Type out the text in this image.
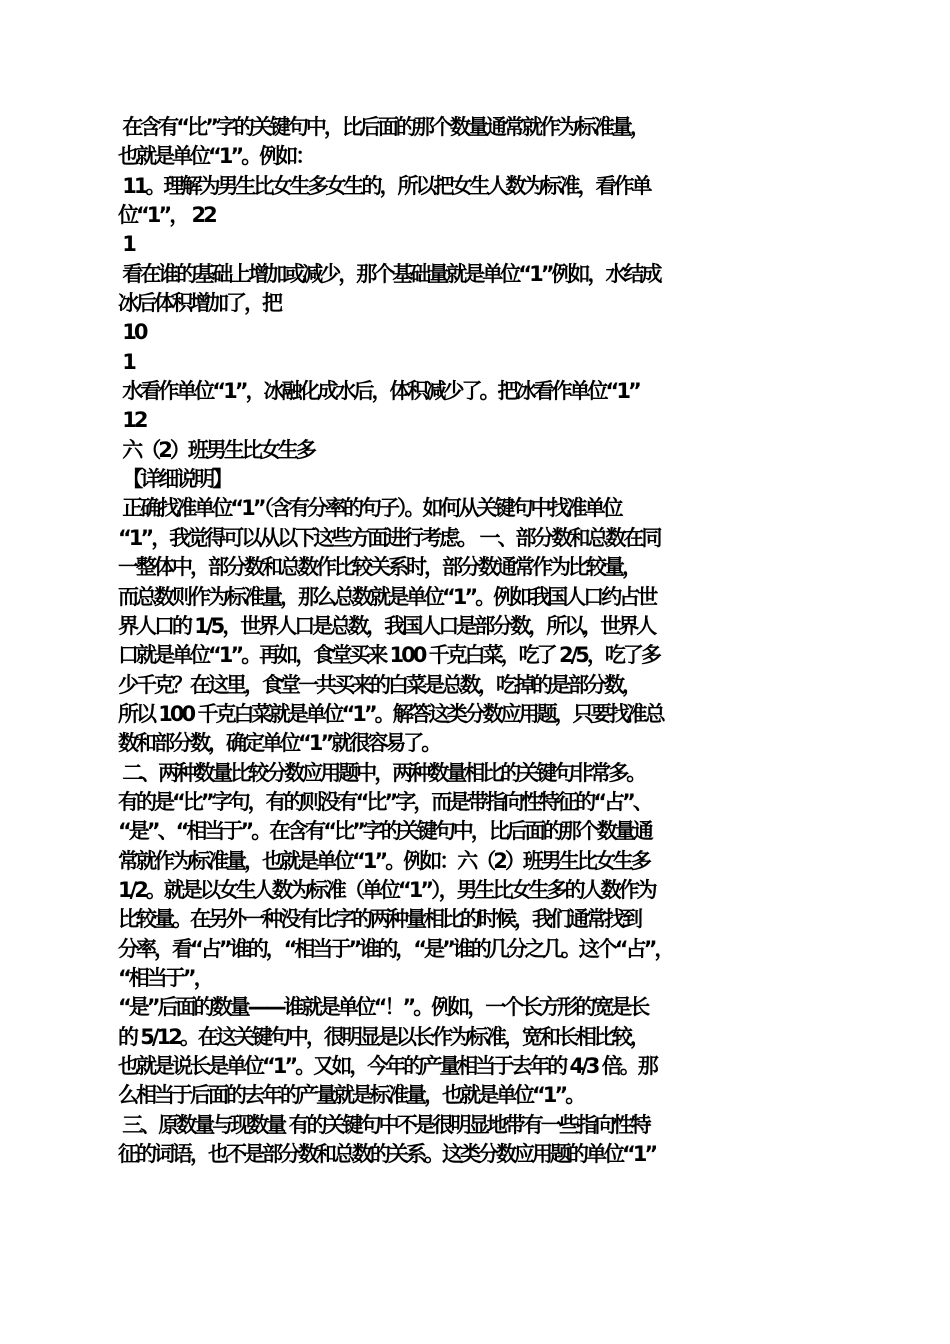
在含有“比”字的关键句中，比后面的那个数量通常就作为标准量，
也就是单位“1”。例如：
11。理解为男生比女生多女生的，所以把女生人数为标准，看作单
位“1”， 22
1
看在谁的基础上增加或减少，那个基础量就是单位“1”例如，水结成
冰后体积增加了，把
10
1
水看作单位“1”，冰融化成水后，体积减少了。把冰看作单位“1”
12
六（2）班男生比女生多
【详细说明】
正确找准单位“1”（含有分率的句子）。如何从关键句中找准单位
“1”，我觉得可以从以下这些方面进行考虑。 一、部分数和总数在同
一整体中，部分数和总数作比较关系时，部分数通常作为比较量，
而总数则作为标准量，那么总数就是单位“1”。例如我国人口约占世
界人口的 1/5，世界人口是总数，我国人口是部分数，所以，世界人
口就是单位“1”。再如，食堂买来 100 千克白菜，吃了 2/5，吃了多
少千克？在这里，食堂一共买来的白菜是总数，吃掉的是部分数，
所以 100 千克白菜就是单位“1”。解答这类分数应用题，只要找准总
数和部分数，确定单位“1”就很容易了。
二、两种数量比较分数应用题中，两种数量相比的关键句非常多。
有的是“比”字句，有的则没有“比”字，而是带指向性特征的“占”、
“是”、“相当于”。在含有“比”字的关键句中，比后面的那个数量通
常就作为标准量，也就是单位“1”。例如：六（2）班男生比女生多
1/2。就是以女生人数为标准（单位“1”），男生比女生多的人数作为
比较量。在另外一种没有比字的两种量相比的时候，我们通常找到
分率，看“占”谁的，“相当于”谁的，“是”谁的几分之几。这个“占”，
“相当于”，
“是”后面的数量——谁就是单位“！”。例如，一个长方形的宽是长
的 5/12。在这关键句中，很明显是以长作为标准，宽和长相比较，
也就是说长是单位“1”。又如，今年的产量相当于去年的 4/3 倍。那
么相当于后面的去年的产量就是标准量，也就是单位“1”。
三、原数量与现数量 有的关键句中不是很明显地带有一些指向性特
征的词语，也不是部分数和总数的关系。这类分数应用题的单位“1”
